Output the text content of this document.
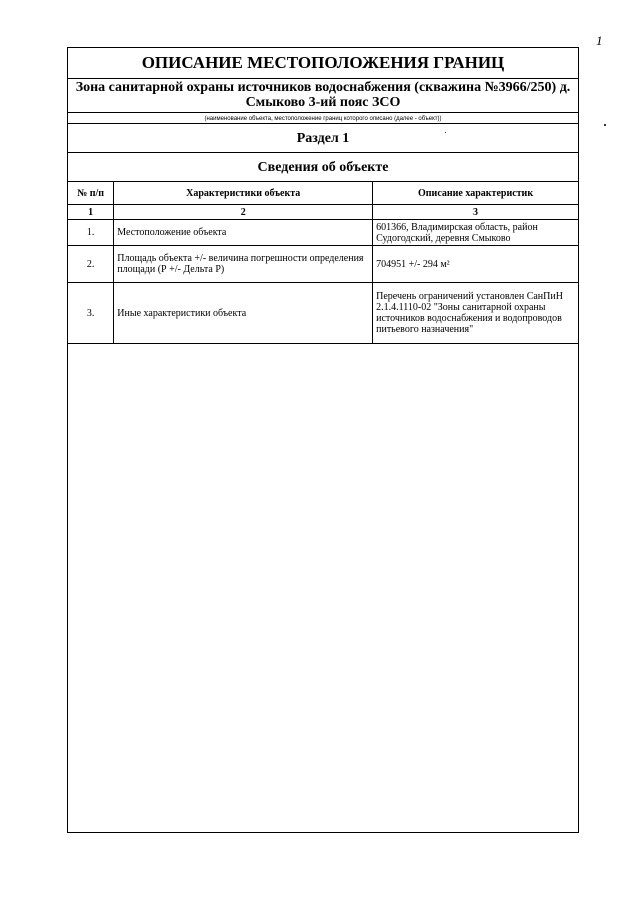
1
ОПИСАНИЕ МЕСТОПОЛОЖЕНИЯ ГРАНИЦ
Зона санитарной охраны источников водоснабжения (скважина №3966/250) д.
Смыково 3-ий пояс ЗСО
(наименование объекта, местоположение границ которого описано (далее - объект))
Раздел 1
Сведения об объекте
№ п/п	Характеристики объекта	Описание характеристик
1	2	3
1.	Местоположение объекта	601366, Владимирская область, район Судогодский, деревня Смыково

2.	Площадь объекта +/- величина погрешности определения площади (Р +/- Дельта Р)	704951 +/- 294 м²

3.	Иные характеристики объекта	Перечень ограничений установлен СанПиН 2.1.4.1110-02 "Зоны санитарной охраны источников водоснабжения и водопроводов питьевого назначения"
